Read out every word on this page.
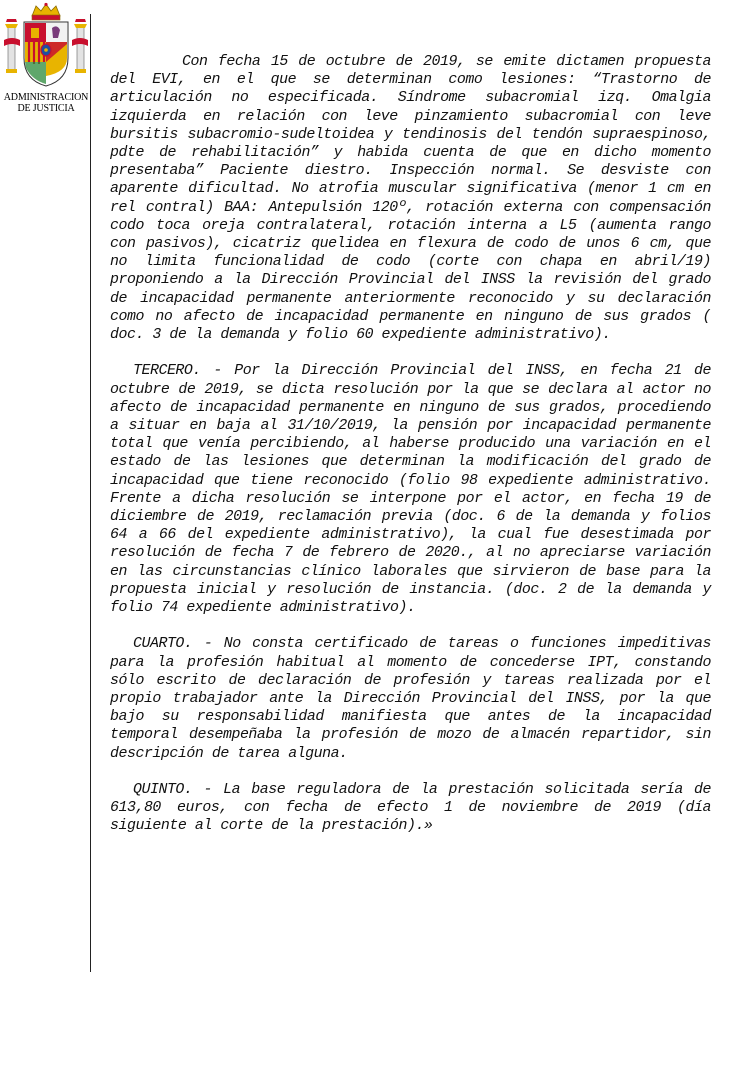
ADMINISTRACION
DE JUSTICIA

Con fecha 15 de octubre de 2019, se emite dictamen propuesta del EVI, en el que se determinan como lesiones: “Trastorno de articulación no especificada. Síndrome subacromial izq. Omalgia izquierda en relación con leve pinzamiento subacromial con leve bursitis subacromio-sudeltoidea y tendinosis del tendón supraespinoso, pdte de rehabilitación” y habida cuenta de que en dicho momento presentaba” Paciente diestro. Inspección normal. Se desviste con aparente dificultad. No atrofia muscular significativa (menor 1 cm en rel contral) BAA: Antepulsión 120º, rotación externa con compensación codo toca oreja contralateral, rotación interna a L5 (aumenta rango con pasivos), cicatriz quelidea en flexura de codo de unos 6 cm, que no limita funcionalidad de codo (corte con chapa en abril/19) proponiendo a la Dirección Provincial del INSS la revisión del grado de incapacidad permanente anteriormente reconocido y su declaración como no afecto de incapacidad permanente en ninguno de sus grados ( doc. 3 de la demanda y folio 60 expediente administrativo).

TERCERO. - Por la Dirección Provincial del INSS, en fecha 21 de octubre de 2019, se dicta resolución por la que se declara al actor no afecto de incapacidad permanente en ninguno de sus grados, procediendo a situar en baja al 31/10/2019, la pensión por incapacidad permanente total que venía percibiendo, al haberse producido una variación en el estado de las lesiones que determinan la modificación del grado de incapacidad que tiene reconocido (folio 98 expediente administrativo. Frente a dicha resolución se interpone por el actor, en fecha 19 de diciembre de 2019, reclamación previa (doc. 6 de la demanda y folios 64 a 66 del expediente administrativo), la cual fue desestimada por resolución de fecha 7 de febrero de 2020., al no apreciarse variación en las circunstancias clínico laborales que sirvieron de base para la propuesta inicial y resolución de instancia. (doc. 2 de la demanda y folio 74 expediente administrativo).

CUARTO. - No consta certificado de tareas o funciones impeditivas para la profesión habitual al momento de concederse IPT, constando sólo escrito de declaración de profesión y tareas realizada por el propio trabajador ante la Dirección Provincial del INSS, por la que bajo su responsabilidad manifiesta que antes de la incapacidad temporal desempeñaba la profesión de mozo de almacén repartidor, sin descripción de tarea alguna.

QUINTO. - La base reguladora de la prestación solicitada sería de 613,80 euros, con fecha de efecto 1 de noviembre de 2019 (día siguiente al corte de la prestación).»
